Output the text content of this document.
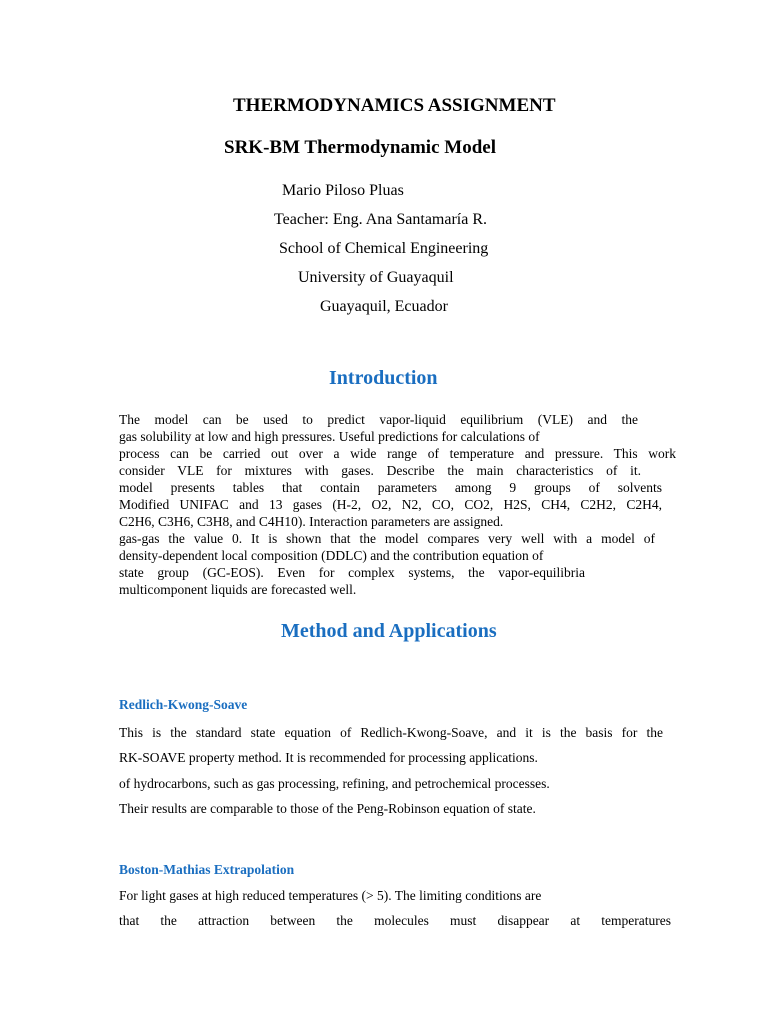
THERMODYNAMICS ASSIGNMENT
SRK-BM Thermodynamic Model
Mario Piloso Pluas
Teacher: Eng. Ana Santamaría R.
School of Chemical Engineering
University of Guayaquil
Guayaquil, Ecuador
Introduction
The model can be used to predict vapor-liquid equilibrium (VLE) and the
gas solubility at low and high pressures. Useful predictions for calculations of
process can be carried out over a wide range of temperature and pressure. This work
consider VLE for mixtures with gases. Describe the main characteristics of it.
model presents tables that contain parameters among 9 groups of solvents
Modified UNIFAC and 13 gases (H-2, O2, N2, CO, CO2, H2S, CH4, C2H2, C2H4,
C2H6, C3H6, C3H8, and C4H10). Interaction parameters are assigned.
gas-gas the value 0. It is shown that the model compares very well with a model of
density-dependent local composition (DDLC) and the contribution equation of
state group (GC-EOS). Even for complex systems, the vapor-equilibria
multicomponent liquids are forecasted well.
Method and Applications
Redlich-Kwong-Soave
This is the standard state equation of Redlich-Kwong-Soave, and it is the basis for the
RK-SOAVE property method. It is recommended for processing applications.
of hydrocarbons, such as gas processing, refining, and petrochemical processes.
Their results are comparable to those of the Peng-Robinson equation of state.
Boston-Mathias Extrapolation
For light gases at high reduced temperatures (> 5). The limiting conditions are
that the attraction between the molecules must disappear at temperatures
